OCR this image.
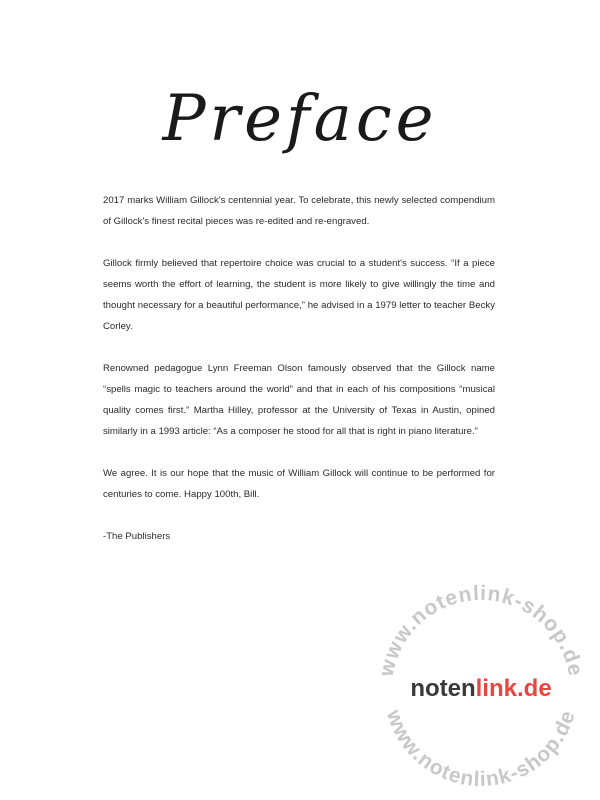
Preface

2017 marks William Gillock's centennial year. To celebrate, this newly selected compendium of Gillock's finest recital pieces was re-edited and re-engraved.

Gillock firmly believed that repertoire choice was crucial to a student's success. “If a piece seems worth the effort of learning, the student is more likely to give willingly the time and thought necessary for a beautiful performance,” he advised in a 1979 letter to teacher Becky Corley.

Renowned pedagogue Lynn Freeman Olson famously observed that the Gillock name “spells magic to teachers around the world” and that in each of his compositions “musical quality comes first.” Martha Hilley, professor at the University of Texas in Austin, opined similarly in a 1993 article: “As a composer he stood for all that is right in piano literature.”

We agree. It is our hope that the music of William Gillock will continue to be performed for centuries to come. Happy 100th, Bill.

-The Publishers

www.notenlink-shop.de
www.notenlink-shop.de
notenlink.de
